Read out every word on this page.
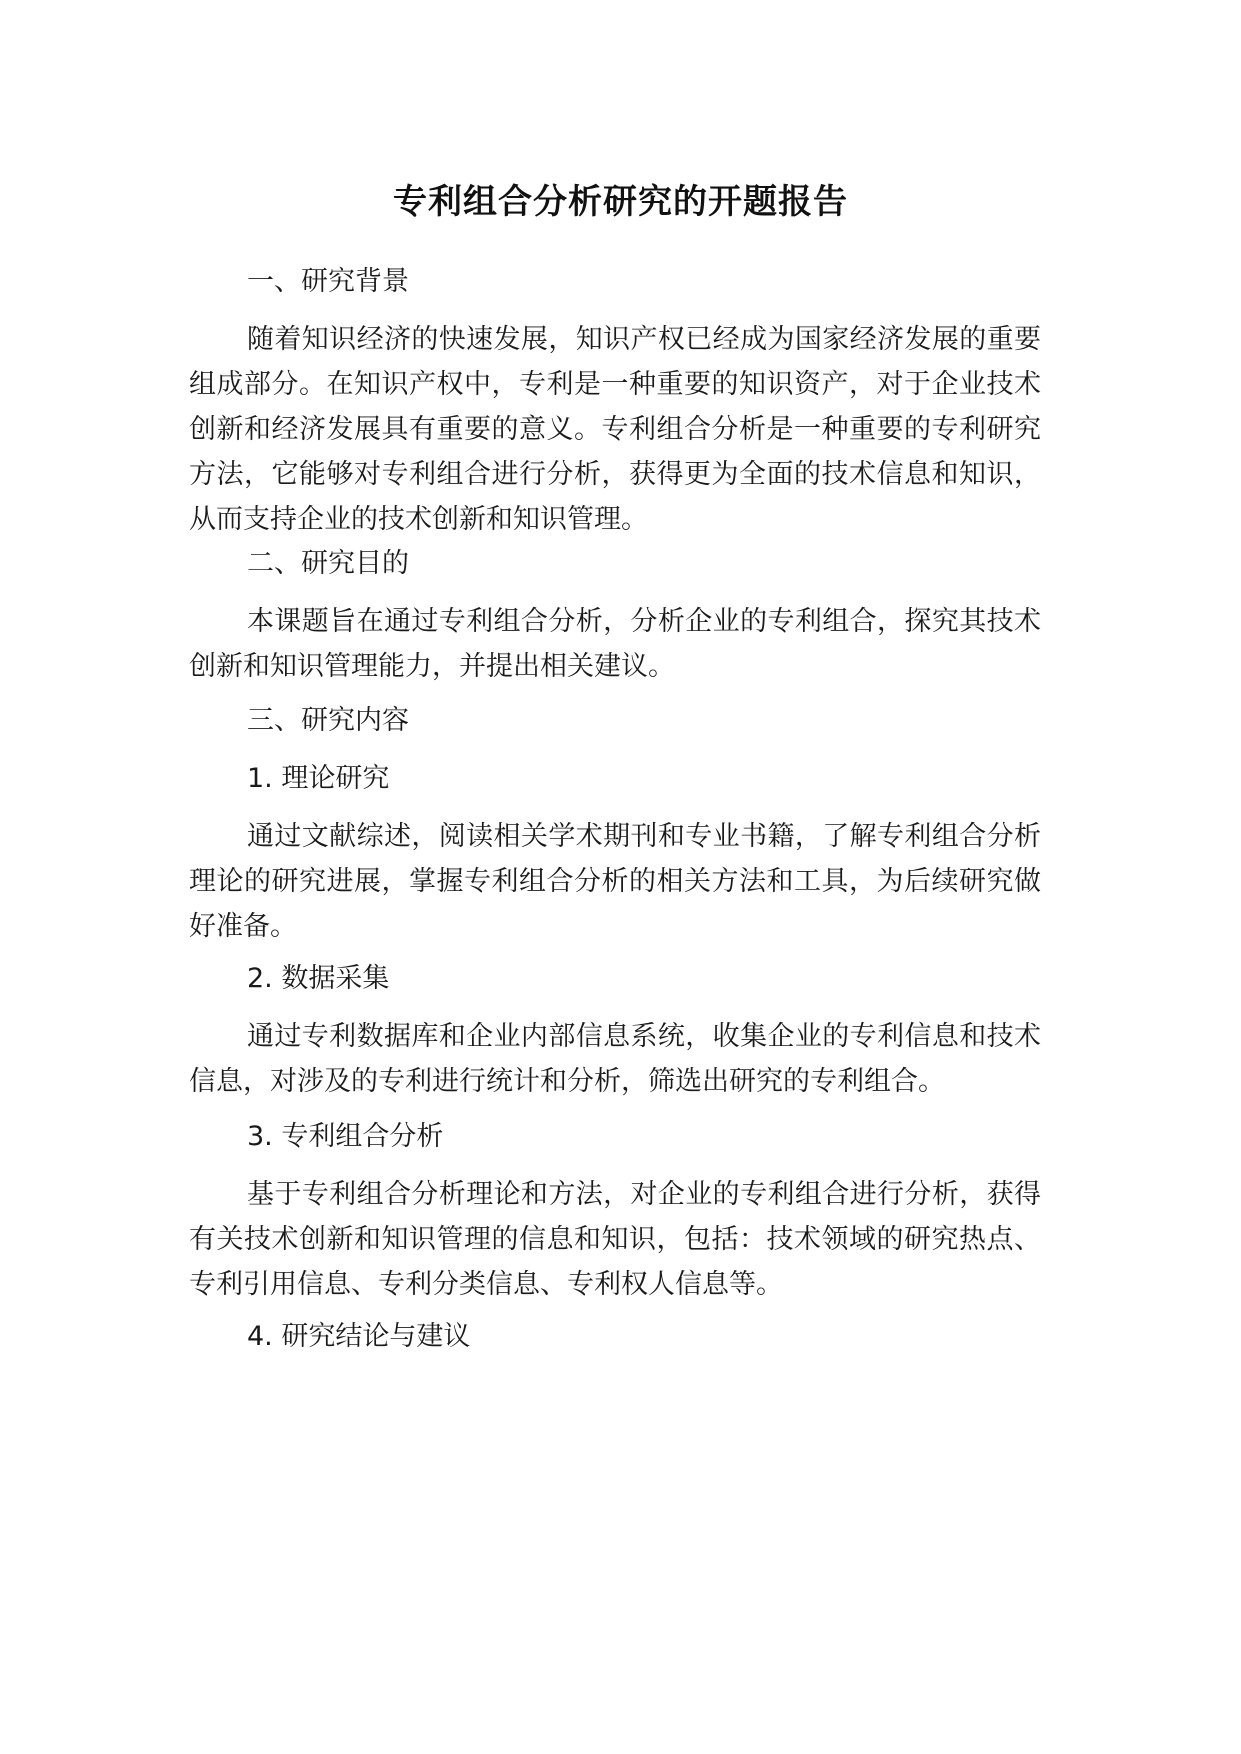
专利组合分析研究的开题报告

一、研究背景

随着知识经济的快速发展，知识产权已经成为国家经济发展的重要组成部分。在知识产权中，专利是一种重要的知识资产，对于企业技术创新和经济发展具有重要的意义。专利组合分析是一种重要的专利研究方法，它能够对专利组合进行分析，获得更为全面的技术信息和知识，从而支持企业的技术创新和知识管理。

二、研究目的

本课题旨在通过专利组合分析，分析企业的专利组合，探究其技术创新和知识管理能力，并提出相关建议。

三、研究内容

1. 理论研究

通过文献综述，阅读相关学术期刊和专业书籍，了解专利组合分析理论的研究进展，掌握专利组合分析的相关方法和工具，为后续研究做好准备。

2. 数据采集

通过专利数据库和企业内部信息系统，收集企业的专利信息和技术信息，对涉及的专利进行统计和分析，筛选出研究的专利组合。

3. 专利组合分析

基于专利组合分析理论和方法，对企业的专利组合进行分析，获得有关技术创新和知识管理的信息和知识，包括：技术领域的研究热点、专利引用信息、专利分类信息、专利权人信息等。

4. 研究结论与建议
